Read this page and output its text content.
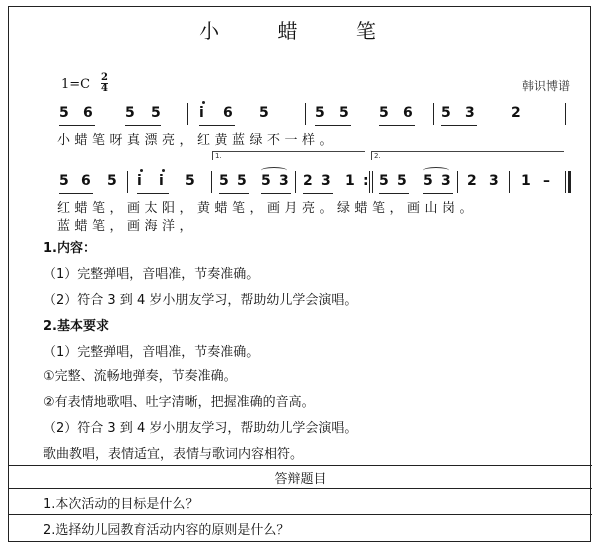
小 蜡 笔
$1=C \frac{2}{4}$	韩识博谱
5 6 5 5	i 6 5	5 5 5 6 5 3	2
小蜡笔呀真漂亮，红黄蓝绿不一样。
1.	2.
5 6 5 i i 5 5 5 5 3 2 3 1 : 5 5 5 3 2 3 1 –
红蜡笔，画太阳，黄蜡笔，画月亮。绿蜡笔，画山岗。
蓝蜡笔，画海洋，
1.内容：
（1）完整弹唱，音唱准，节奏准确。
（2）符合 3 到 4 岁小朋友学习，帮助幼儿学会演唱。
2.基本要求
（1）完整弹唱，音唱准，节奏准确。
①完整、流畅地弹奏，节奏准确。
②有表情地歌唱、吐字清晰，把握准确的音高。
（2）符合 3 到 4 岁小朋友学习，帮助幼儿学会演唱。
歌曲教唱，表情适宜，表情与歌词内容相符。
答辩题目
1.本次活动的目标是什么？
2.选择幼儿园教育活动内容的原则是什么？
